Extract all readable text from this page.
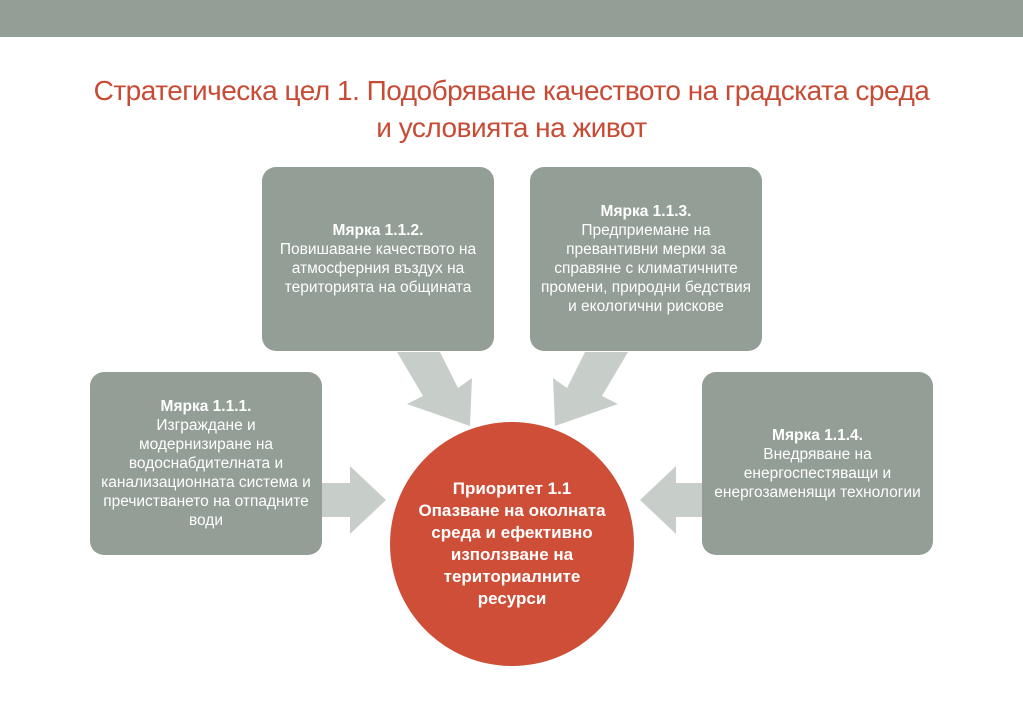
Стратегическа цел 1. Подобряване качеството на градската среда
и условията на живот
Мярка 1.1.1.
Изграждане и модернизиране на водоснабдителната и канализационната система и пречистването на отпадните води
Мярка 1.1.2.
Повишаване качеството на атмосферния въздух на територията на общината
Мярка 1.1.3.
Предприемане на превантивни мерки за справяне с климатичните промени, природни бедствия и екологични рискове
Мярка 1.1.4.
Внедряване на енергоспестяващи и енергозаменящи технологии
Приоритет 1.1
Опазване на околната среда и ефективно използване на териториалните ресурси
